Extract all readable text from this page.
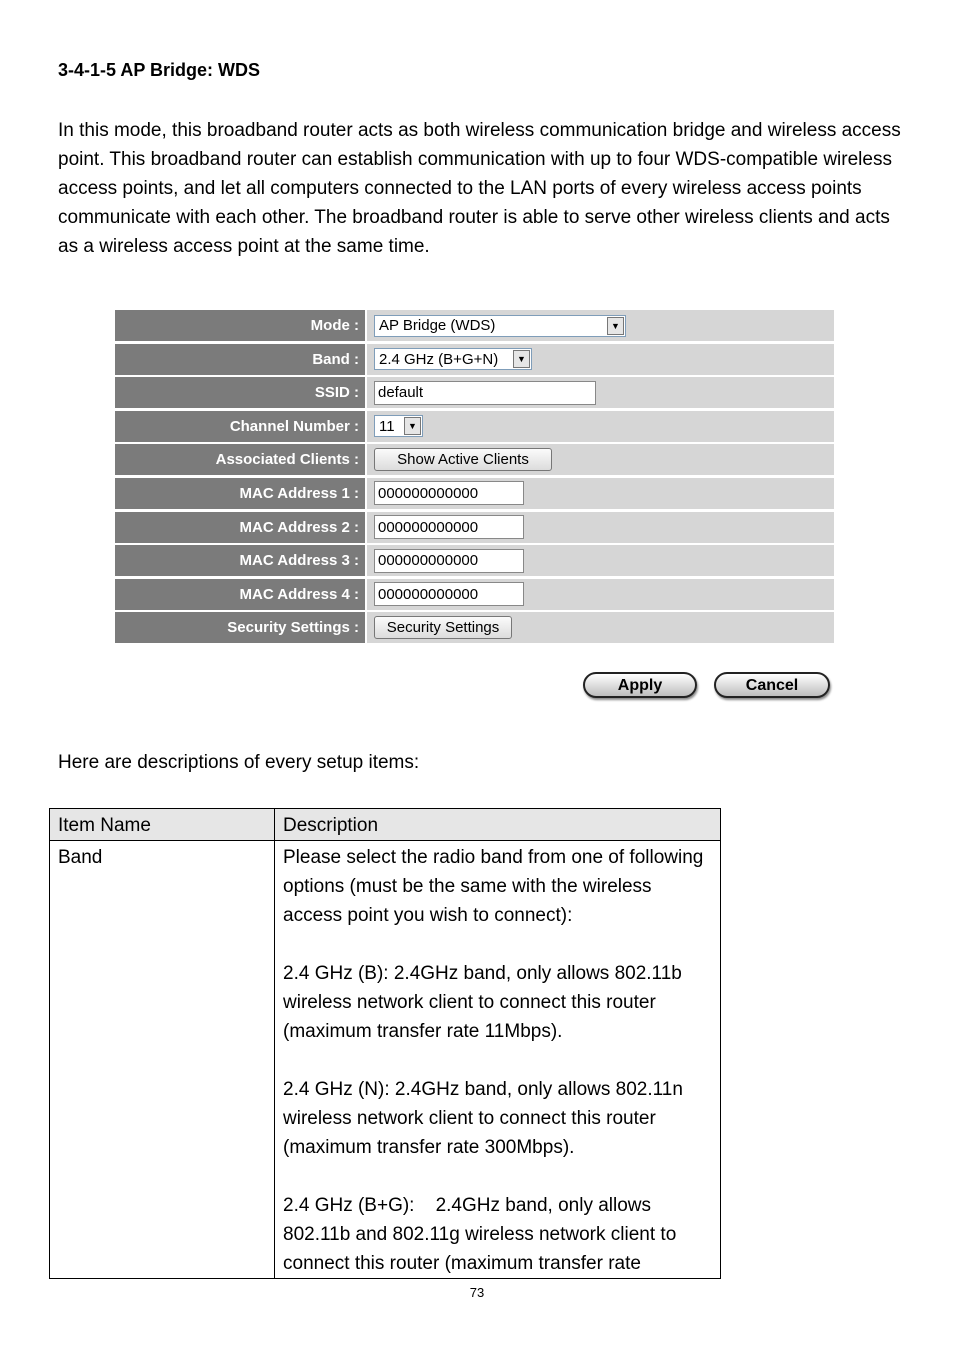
3-4-1-5 AP Bridge: WDS

In this mode, this broadband router acts as both wireless communication bridge and wireless access point. This broadband router can establish communication with up to four WDS-compatible wireless access points, and let all computers connected to the LAN ports of every wireless access points communicate with each other. The broadband router is able to serve other wireless clients and acts as a wireless access point at the same time.

Mode :	AP Bridge (WDS)	▼
Band :	2.4 GHz (B+G+N)	▼
SSID :
default
Channel Number :	11	▼
Associated Clients :	Show Active Clients
MAC Address 1 :
000000000000
MAC Address 2 :
000000000000
MAC Address 3 :
000000000000
MAC Address 4 :
000000000000
Security Settings :	Security Settings
Apply	Cancel

Here are descriptions of every setup items:

Item Name	Description
Band	Please select the radio band from one of following options (must be the same with the wireless access point you wish to connect):

2.4 GHz (B): 2.4GHz band, only allows 802.11b wireless network client to connect this router (maximum transfer rate 11Mbps).

2.4 GHz (N): 2.4GHz band, only allows 802.11n wireless network client to connect this router (maximum transfer rate 300Mbps).

2.4 GHz (B+G):    2.4GHz band, only allows 802.11b and 802.11g wireless network client to connect this router (maximum transfer rate

73
